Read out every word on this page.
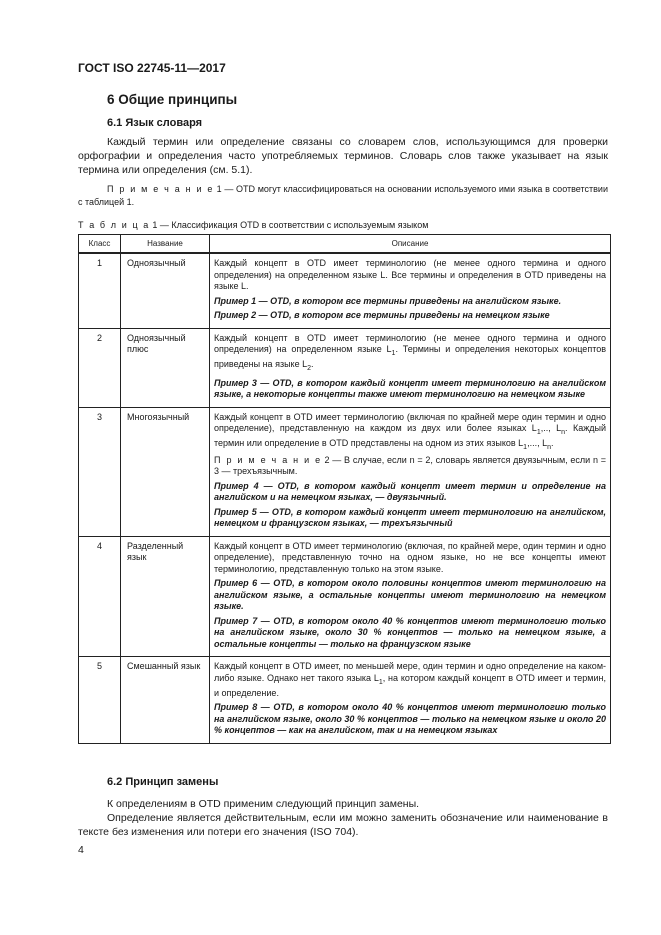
ГОСТ ISO 22745-11—2017
6 Общие принципы
6.1 Язык словаря

Каждый термин или определение связаны со словарем слов, использующимся для проверки орфографии и определения часто употребляемых терминов. Словарь слов также указывает на язык термина или определения (см. 5.1).

П р и м е ч а н и е 1 — OTD могут классифицироваться на основании используемого ими языка в соответствии с таблицей 1.

Т а б л и ц а 1 — Классификация OTD в соответствии с используемым языком
Класс	Название	Описание
1	Одноязычный	Каждый концепт в OTD имеет терминологию (не менее одного термина и одного определения) на определенном языке L. Все термины и определения в OTD приведены на языке L.

Пример 1 — OTD, в котором все термины приведены на английском языке.

Пример 2 — OTD, в котором все термины приведены на немецком языке

2	Одноязычный плюс	Каждый концепт в OTD имеет терминологию (не менее одного термина и одного определения) на определенном языке $L_1$. Термины и определения некоторых концептов приведены на языке $L_2$.

Пример 3 — OTD, в котором каждый концепт имеет терминологию на английском языке, а некоторые концепты также имеют терминологию на немецком языке

3	Многоязычный	Каждый концепт в OTD имеет терминологию (включая по крайней мере один термин и одно определение), представленную на каждом из двух или более языках $L_1$,.., $L_n$. Каждый термин или определение в OTD представлены на одном из этих языков $L_1$,..., $L_n$.

П р и м е ч а н и е 2 — В случае, если n = 2, словарь является двуязычным, если n = 3 — трехъязычным.

Пример 4 — OTD, в котором каждый концепт имеет термин и определение на английском и на немецком языках, — двуязычный.

Пример 5 — OTD, в котором каждый концепт имеет терминологию на английском, немецком и французском языках, — трехъязычный

4	Разделенный язык	Каждый концепт в OTD имеет терминологию (включая, по крайней мере, один термин и одно определение), представленную точно на одном языке, но не все концепты имеют терминологию, представленную только на этом языке.

Пример 6 — OTD, в котором около половины концептов имеют терминологию на английском языке, а остальные концепты имеют терминологию на немецком языке.

Пример 7 — OTD, в котором около 40 % концептов имеют терминологию только на английском языке, около 30 % концептов — только на немецком языке, а остальные концепты — только на французском языке

5	Смешанный язык	Каждый концепт в OTD имеет, по меньшей мере, один термин и одно определение на каком-либо языке. Однако нет такого языка $L_1$, на котором каждый концепт в OTD имеет и термин, и определение.

Пример 8 — OTD, в котором около 40 % концептов имеют терминологию только на английском языке, около 30 % концептов — только на немецком языке и около 20 % концептов — как на английском, так и на немецком языках

6.2 Принцип замены

К определениям в OTD применим следующий принцип замены.

Определение является действительным, если им можно заменить обозначение или наименование в тексте без изменения или потери его значения (ISO 704).

4
